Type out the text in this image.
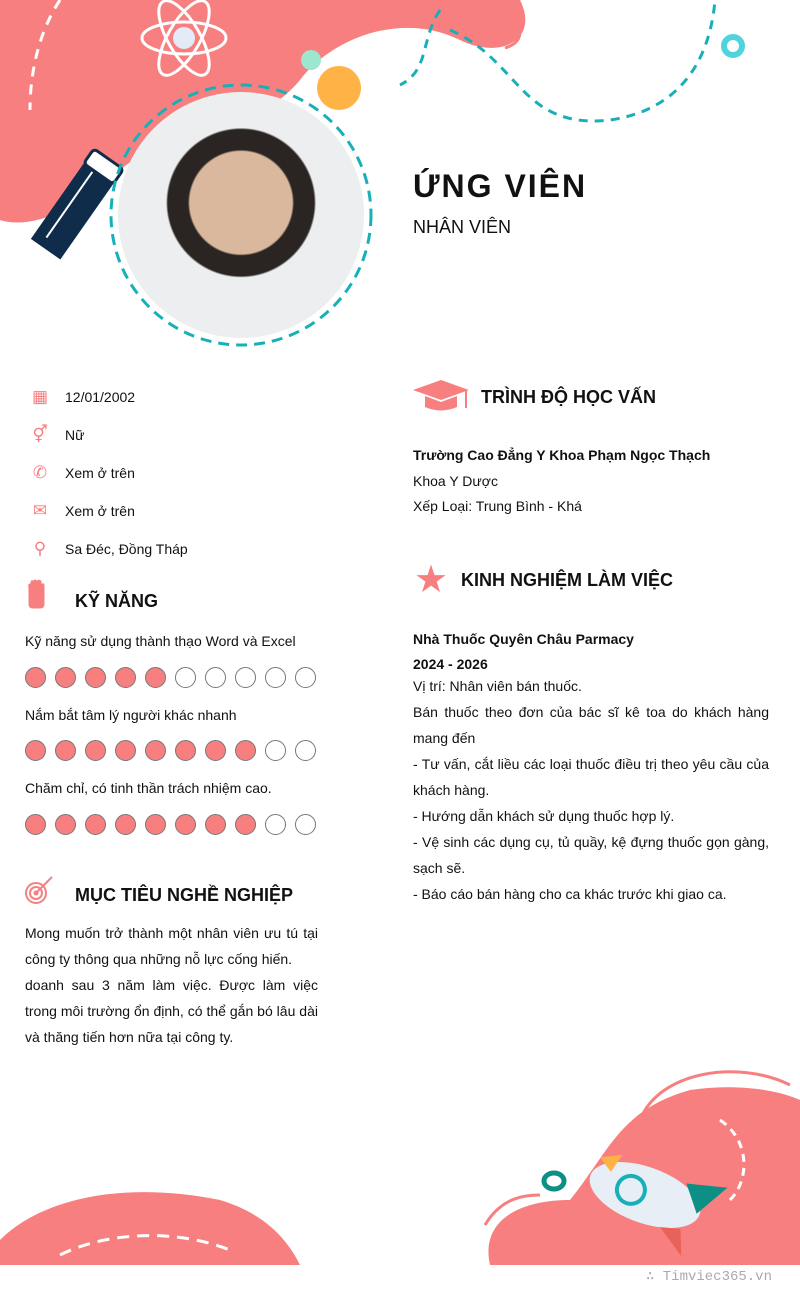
ỨNG VIÊN
NHÂN VIÊN
▦ 12/01/2002
⚥ Nữ
✆ Xem ở trên
✉ Xem ở trên
⚲ Sa Đéc, Đồng Tháp
KỸ NĂNG
Kỹ năng sử dụng thành thạo Word và Excel
Nắm bắt tâm lý người khác nhanh
Chăm chỉ, có tinh thần trách nhiệm cao.
MỤC TIÊU NGHỀ NGHIỆP

Mong muốn trở thành một nhân viên ưu tú tại công ty thông qua những nỗ lực cống hiến.

doanh sau 3 năm làm việc. Được làm việc trong môi trường ổn định, có thể gắn bó lâu dài và thăng tiến hơn nữa tại công ty.

TRÌNH ĐỘ HỌC VẤN
Trường Cao Đẳng Y Khoa Phạm Ngọc Thạch
Khoa Y Dược
Xếp Loại: Trung Bình - Khá
★ KINH NGHIỆM LÀM VIỆC
Nhà Thuốc Quyên Châu Parmacy
2024 - 2026

Vị trí: Nhân viên bán thuốc.

Bán thuốc theo đơn của bác sĩ kê toa do khách hàng mang đến

- Tư vấn, cắt liều các loại thuốc điều trị theo yêu cầu của khách hàng.

- Hướng dẫn khách sử dụng thuốc hợp lý.

- Vệ sinh các dụng cụ, tủ quầy, kệ đựng thuốc gọn gàng, sạch sẽ.

- Báo cáo bán hàng cho ca khác trước khi giao ca.

∴ Timviec365.vn
